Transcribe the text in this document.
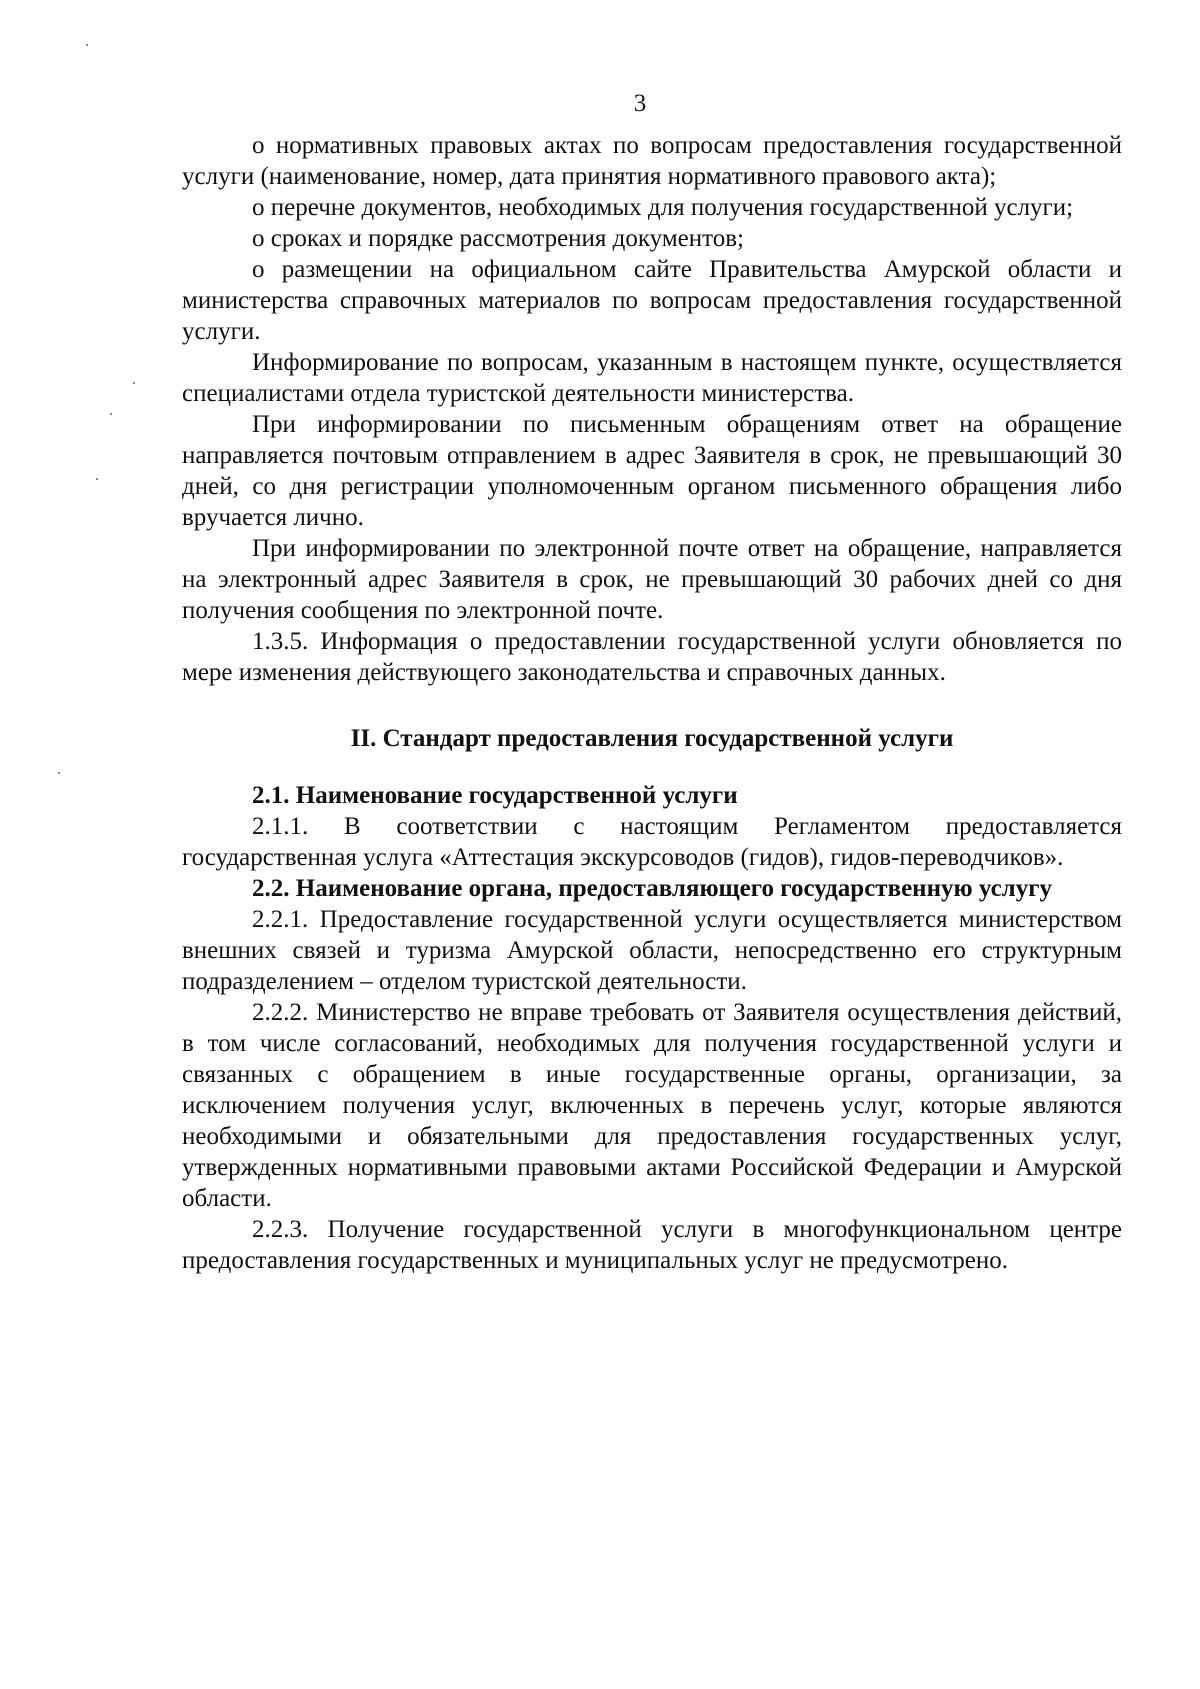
3

о нормативных правовых актах по вопросам предоставления государственной услуги (наименование, номер, дата принятия нормативного правового акта);

о перечне документов, необходимых для получения государственной услуги;

о сроках и порядке рассмотрения документов;

о размещении на официальном сайте Правительства Амурской области и министерства справочных материалов по вопросам предоставления государственной услуги.

Информирование по вопросам, указанным в настоящем пункте, осуществляется специалистами отдела туристской деятельности министерства.

При информировании по письменным обращениям ответ на обращение направляется почтовым отправлением в адрес Заявителя в срок, не превышающий 30 дней, со дня регистрации уполномоченным органом письменного обращения либо вручается лично.

При информировании по электронной почте ответ на обращение, направляется на электронный адрес Заявителя в срок, не превышающий 30 рабочих дней со дня получения сообщения по электронной почте.

1.3.5. Информация о предоставлении государственной услуги обновляется по мере изменения действующего законодательства и справочных данных.

II. Стандарт предоставления государственной услуги

2.1. Наименование государственной услуги

2.1.1. В соответствии с настоящим Регламентом предоставляется государственная услуга «Аттестация экскурсоводов (гидов), гидов-переводчиков».

2.2. Наименование органа, предоставляющего государственную услугу

2.2.1. Предоставление государственной услуги осуществляется министерством внешних связей и туризма Амурской области, непосредственно его структурным подразделением – отделом туристской деятельности.

2.2.2. Министерство не вправе требовать от Заявителя осуществления действий, в том числе согласований, необходимых для получения государственной услуги и связанных с обращением в иные государственные органы, организации, за исключением получения услуг, включенных в перечень услуг, которые являются необходимыми и обязательными для предоставления государственных услуг, утвержденных нормативными правовыми актами Российской Федерации и Амурской области.

2.2.3. Получение государственной услуги в многофункциональном центре предоставления государственных и муниципальных услуг не предусмотрено.
